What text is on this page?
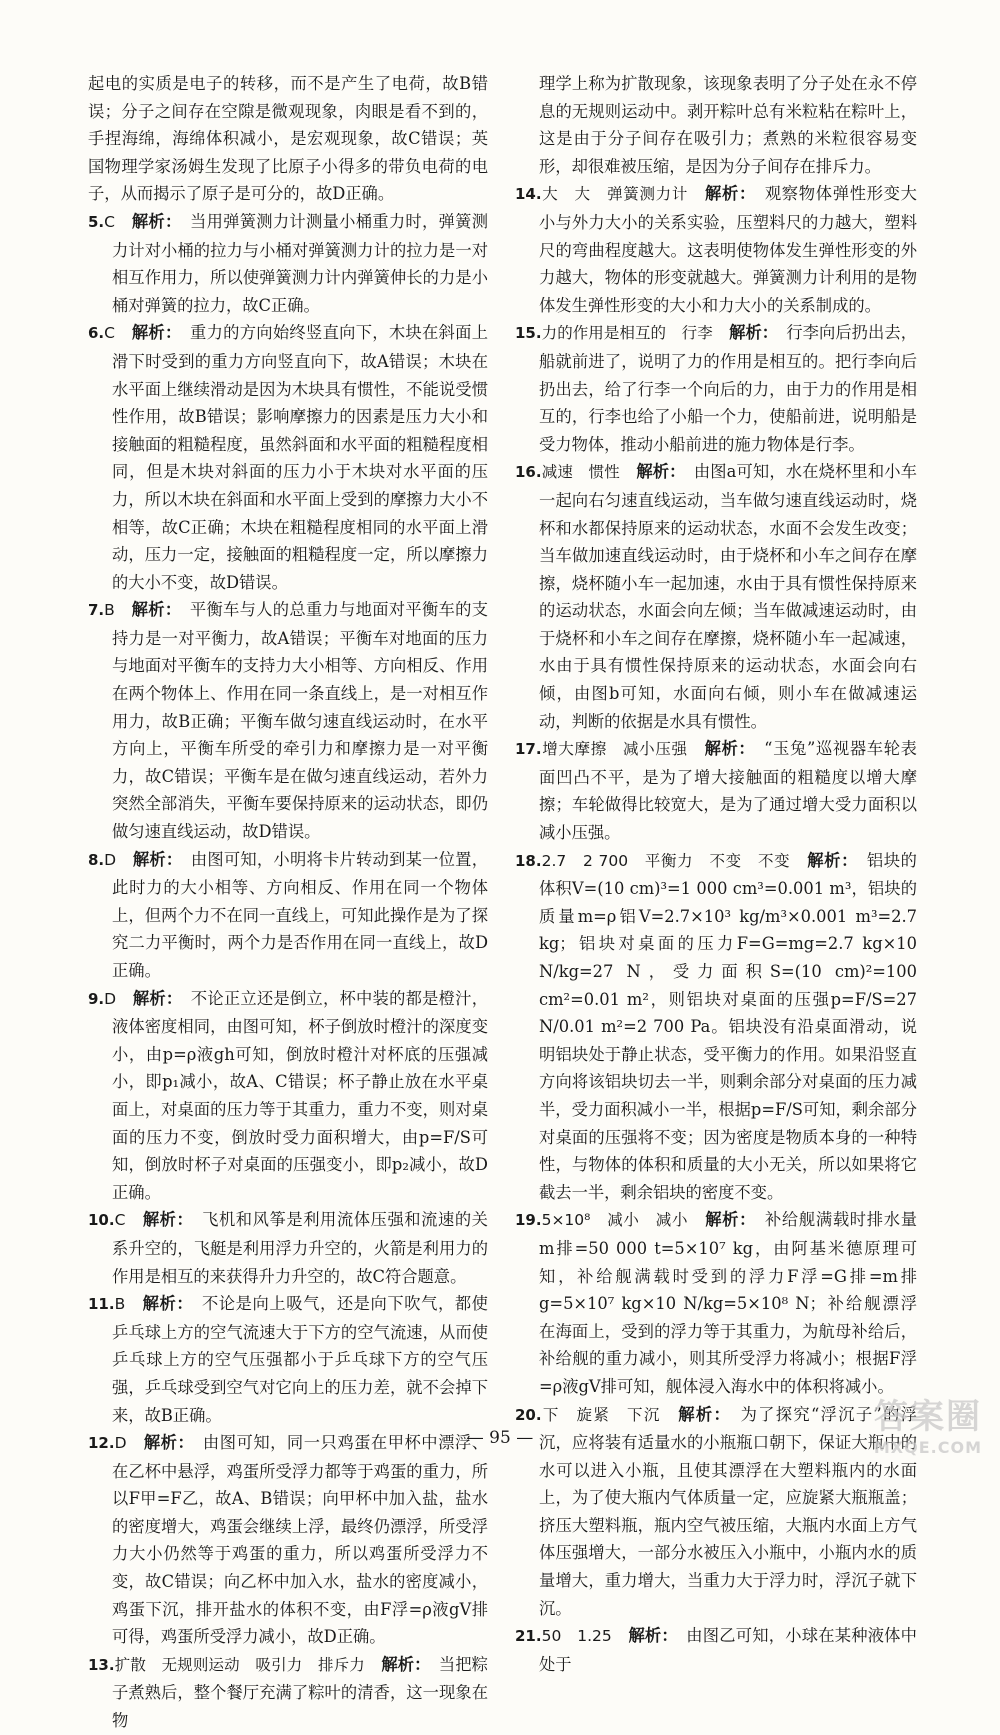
起电的实质是电子的转移，而不是产生了电荷，故B错误；分子之间存在空隙是微观现象，肉眼是看不到的，手捏海绵，海绵体积减小，是宏观现象，故C错误；英国物理学家汤姆生发现了比原子小得多的带负电荷的电子，从而揭示了原子是可分的，故D正确。

5.C　 解析：　 当用弹簧测力计测量小桶重力时，弹簧测力计对小桶的拉力与小桶对弹簧测力计的拉力是一对相互作用力，所以使弹簧测力计内弹簧伸长的力是小桶对弹簧的拉力，故C正确。

6.C　 解析：　 重力的方向始终竖直向下，木块在斜面上滑下时受到的重力方向竖直向下，故A错误；木块在水平面上继续滑动是因为木块具有惯性，不能说受惯性作用，故B错误；影响摩擦力的因素是压力大小和接触面的粗糙程度，虽然斜面和水平面的粗糙程度相同，但是木块对斜面的压力小于木块对水平面的压力，所以木块在斜面和水平面上受到的摩擦力大小不相等，故C正确；木块在粗糙程度相同的水平面上滑动，压力一定，接触面的粗糙程度一定，所以摩擦力的大小不变，故D错误。

7.B　 解析：　 平衡车与人的总重力与地面对平衡车的支持力是一对平衡力，故A错误；平衡车对地面的压力与地面对平衡车的支持力大小相等、方向相反、作用在两个物体上、作用在同一条直线上，是一对相互作用力，故B正确；平衡车做匀速直线运动时，在水平方向上，平衡车所受的牵引力和摩擦力是一对平衡力，故C错误；平衡车是在做匀速直线运动，若外力突然全部消失，平衡车要保持原来的运动状态，即仍做匀速直线运动，故D错误。

8.D　 解析：　 由图可知，小明将卡片转动到某一位置，此时力的大小相等、方向相反、作用在同一个物体上，但两个力不在同一直线上，可知此操作是为了探究二力平衡时，两个力是否作用在同一直线上，故D正确。

9.D　 解析：　 不论正立还是倒立，杯中装的都是橙汁，液体密度相同，由图可知，杯子倒放时橙汁的深度变小，由p=ρ液gh可知，倒放时橙汁对杯底的压强减小，即p₁减小，故A、C错误；杯子静止放在水平桌面上，对桌面的压力等于其重力，重力不变，则对桌面的压力不变，倒放时受力面积增大，由p=F/S可知，倒放时杯子对桌面的压强变小，即p₂减小，故D正确。

10.C　 解析：　 飞机和风筝是利用流体压强和流速的关系升空的，飞艇是利用浮力升空的，火箭是利用力的作用是相互的来获得升力升空的，故C符合题意。

11.B　 解析：　 不论是向上吸气，还是向下吹气，都使乒乓球上方的空气流速大于下方的空气流速，从而使乒乓球上方的空气压强都小于乒乓球下方的空气压强，乒乓球受到空气对它向上的压力差，就不会掉下来，故B正确。

12.D　 解析：　 由图可知，同一只鸡蛋在甲杯中漂浮、在乙杯中悬浮，鸡蛋所受浮力都等于鸡蛋的重力，所以F甲=F乙，故A、B错误；向甲杯中加入盐，盐水的密度增大，鸡蛋会继续上浮，最终仍漂浮，所受浮力大小仍然等于鸡蛋的重力，所以鸡蛋所受浮力不变，故C错误；向乙杯中加入水，盐水的密度减小，鸡蛋下沉，排开盐水的体积不变，由F浮=ρ液gV排可得，鸡蛋所受浮力减小，故D正确。

13.扩散　无规则运动　吸引力　排斥力　 解析：　 当把粽子煮熟后，整个餐厅充满了粽叶的清香，这一现象在物

理学上称为扩散现象，该现象表明了分子处在永不停息的无规则运动中。剥开粽叶总有米粒粘在粽叶上，这是由于分子间存在吸引力；煮熟的米粒很容易变形，却很难被压缩，是因为分子间存在排斥力。

14.大　大　弹簧测力计　 解析：　 观察物体弹性形变大小与外力大小的关系实验，压塑料尺的力越大，塑料尺的弯曲程度越大。这表明使物体发生弹性形变的外力越大，物体的形变就越大。弹簧测力计利用的是物体发生弹性形变的大小和力大小的关系制成的。

15.力的作用是相互的　行李　 解析：　 行李向后扔出去，船就前进了，说明了力的作用是相互的。把行李向后扔出去，给了行李一个向后的力，由于力的作用是相互的，行李也给了小船一个力，使船前进，说明船是受力物体，推动小船前进的施力物体是行李。

16.减速　惯性　 解析：　 由图a可知，水在烧杯里和小车一起向右匀速直线运动，当车做匀速直线运动时，烧杯和水都保持原来的运动状态，水面不会发生改变；当车做加速直线运动时，由于烧杯和小车之间存在摩擦，烧杯随小车一起加速，水由于具有惯性保持原来的运动状态，水面会向左倾；当车做减速运动时，由于烧杯和小车之间存在摩擦，烧杯随小车一起减速，水由于具有惯性保持原来的运动状态，水面会向右倾，由图b可知，水面向右倾，则小车在做减速运动，判断的依据是水具有惯性。

17.增大摩擦　减小压强　 解析：　 “玉兔”巡视器车轮表面凹凸不平，是为了增大接触面的粗糙度以增大摩擦；车轮做得比较宽大，是为了通过增大受力面积以减小压强。

18.2.7　2 700　平衡力　不变　不变　 解析：　 铝块的体积V=(10 cm)³=1 000 cm³=0.001 m³，铝块的质量m=ρ铝V=2.7×10³ kg/m³×0.001 m³=2.7 kg；铝块对桌面的压力F=G=mg=2.7 kg×10 N/kg=27 N，受力面积S=(10 cm)²=100 cm²=0.01 m²，则铝块对桌面的压强p=F/S=27 N/0.01 m²=2 700 Pa。铝块没有沿桌面滑动，说明铝块处于静止状态，受平衡力的作用。如果沿竖直方向将该铝块切去一半，则剩余部分对桌面的压力减半，受力面积减小一半，根据p=F/S可知，剩余部分对桌面的压强将不变；因为密度是物质本身的一种特性，与物体的体积和质量的大小无关，所以如果将它截去一半，剩余铝块的密度不变。

19.5×10⁸　减小　减小　 解析：　 补给舰满载时排水量m排=50 000 t=5×10⁷ kg，由阿基米德原理可知，补给舰满载时受到的浮力F浮=G排=m排g=5×10⁷ kg×10 N/kg=5×10⁸ N；补给舰漂浮在海面上，受到的浮力等于其重力，为航母补给后，补给舰的重力减小，则其所受浮力将减小；根据F浮=ρ液gV排可知，舰体浸入海水中的体积将减小。

20.下　旋紧　下沉　 解析：　 为了探究“浮沉子”的浮沉，应将装有适量水的小瓶瓶口朝下，保证大瓶中的水可以进入小瓶，且使其漂浮在大塑料瓶内的水面上，为了使大瓶内气体质量一定，应旋紧大瓶瓶盖；挤压大塑料瓶，瓶内空气被压缩，大瓶内水面上方气体压强增大，一部分水被压入小瓶中，小瓶内水的质量增大，重力增大，当重力大于浮力时，浮沉子就下沉。

21.50　1.25　 解析：　 由图乙可知，小球在某种液体中处于

— 95 —
答案圈
MXQE.COM
